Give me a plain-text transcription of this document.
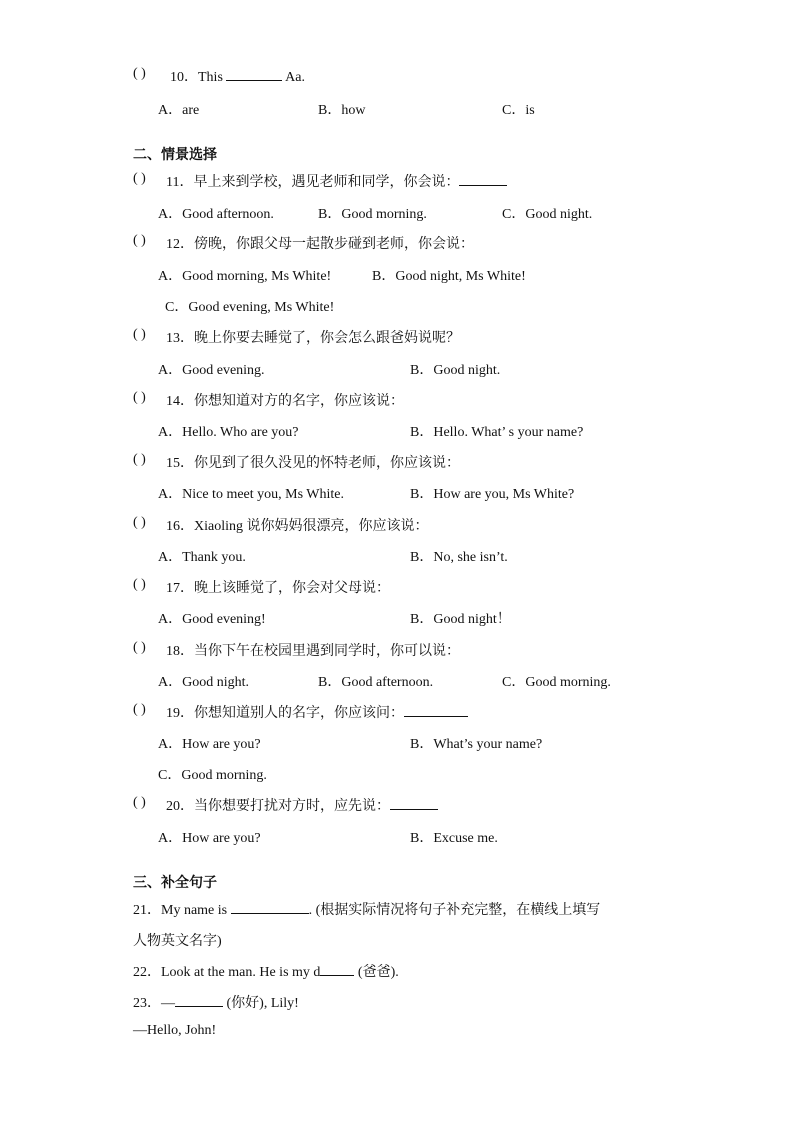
( ) 10．This	Aa.
A．are	B．how	C．is
二、情景选择
( ) 11．早上来到学校，遇见老师和同学，你会说：
A．Good afternoon.	B．Good morning.	C．Good night.
( ) 12．傍晚，你跟父母一起散步碰到老师，你会说：
A．Good morning, Ms White!	B．Good night, Ms White!
C．Good evening, Ms White!
( ) 13．晚上你要去睡觉了，你会怎么跟爸妈说呢？
A．Good evening.	B．Good night.
( ) 14．你想知道对方的名字，你应该说：
A．Hello. Who are you?	B．Hello. What’ s your name?
( ) 15．你见到了很久没见的怀特老师，你应该说：
A．Nice to meet you, Ms White.	B．How are you, Ms White?
( ) 16．Xiaoling 说你妈妈很漂亮，你应该说：
A．Thank you.	B．No, she isn’t.
( ) 17．晚上该睡觉了，你会对父母说：
A．Good evening!	B．Good night！
( ) 18．当你下午在校园里遇到同学时，你可以说：
A．Good night.	B．Good afternoon.	C．Good morning.
( ) 19．你想知道别人的名字，你应该问：
A．How are you?	B．What’s your name?
C．Good morning.
( ) 20．当你想要打扰对方时，应先说：
A．How are you?	B．Excuse me.
三、补全句子
21．My name is	. (根据实际情况将句子补充完整，在横线上填写
人物英文名字)
22．Look at the man. He is my d (爸爸).
23．—	(你好), Lily!
—Hello, John!
